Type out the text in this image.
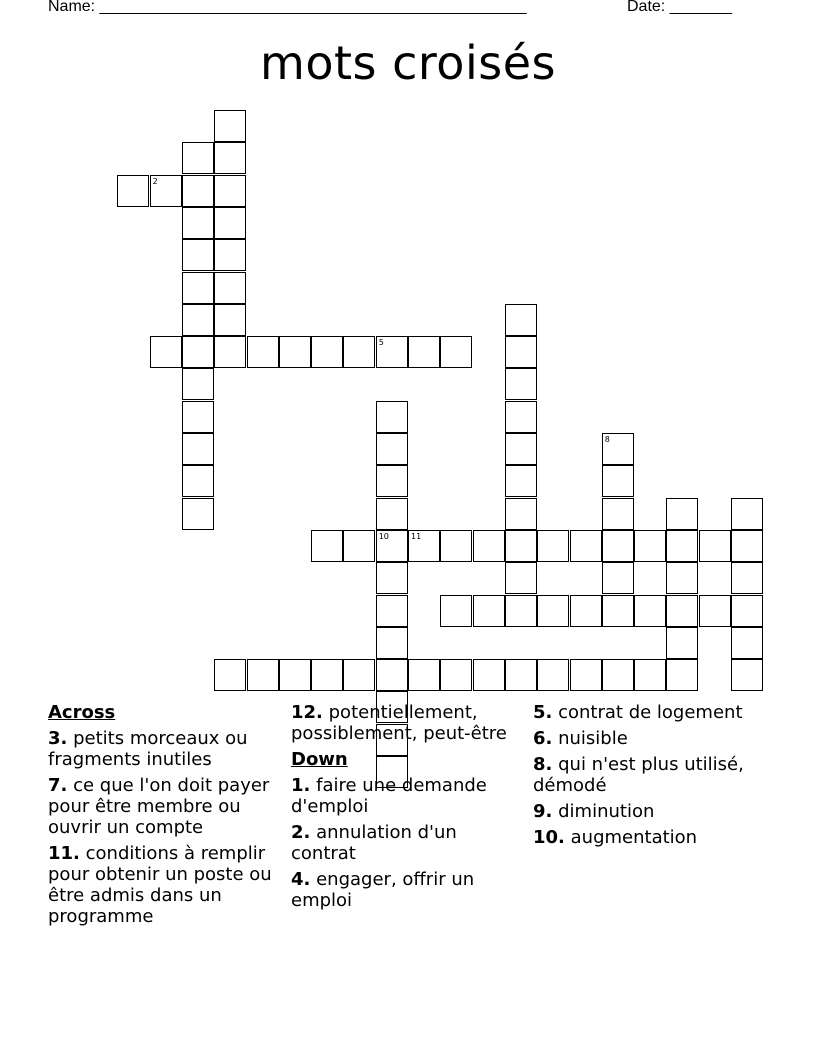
Name: ________________________________________________	Date: _______
mots croisés
2
5
10	11
8
Across
3. petits morceaux ou fragments inutiles
7. ce que l'on doit payer pour être membre ou ouvrir un compte
11. conditions à remplir pour obtenir un poste ou être admis dans un programme
12. potentiellement, possiblement, peut-être
Down
1. faire une demande d'emploi
2. annulation d'un contrat
4. engager, offrir un emploi
5. contrat de logement
6. nuisible
8. qui n'est plus utilisé, démodé
9. diminution
10. augmentation
